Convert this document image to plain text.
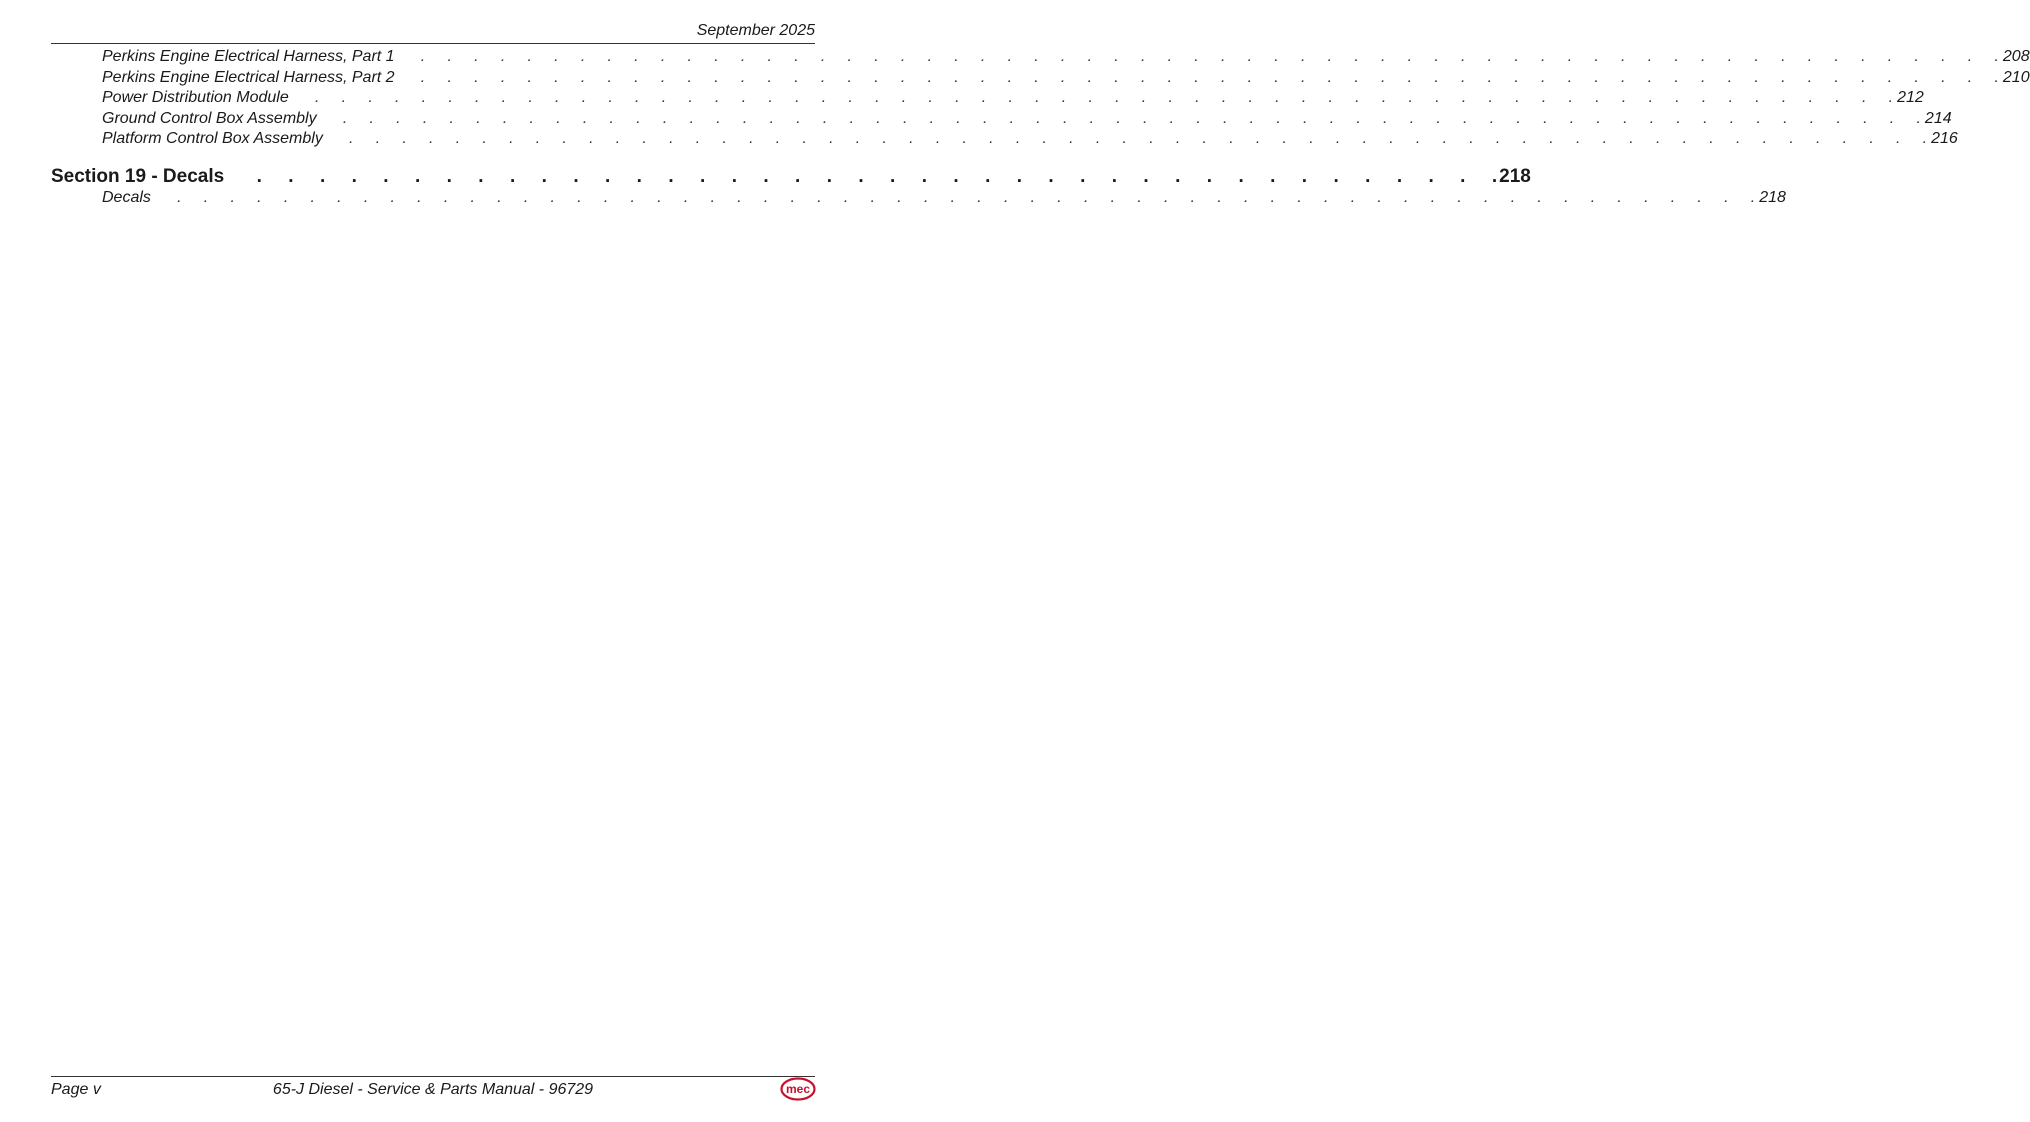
September 2025
Perkins Engine Electrical Harness, Part 1 .     .     .     .     .     .     .     .     .     .     .     .     .     .     .     .     .     .     .     .     .     .     .     .     .     .     .     .     .     .     .     .     .     .     .     .     .     .     .     .     .     .     .     .     .     .     .     .     .     .     .     .     .     .     .     .     .     .     .     . 208
Perkins Engine Electrical Harness, Part 2 .     .     .     .     .     .     .     .     .     .     .     .     .     .     .     .     .     .     .     .     .     .     .     .     .     .     .     .     .     .     .     .     .     .     .     .     .     .     .     .     .     .     .     .     .     .     .     .     .     .     .     .     .     .     .     .     .     .     .     . 210
Power Distribution Module .     .     .     .     .     .     .     .     .     .     .     .     .     .     .     .     .     .     .     .     .     .     .     .     .     .     .     .     .     .     .     .     .     .     .     .     .     .     .     .     .     .     .     .     .     .     .     .     .     .     .     .     .     .     .     .     .     .     .     . 212
Ground Control Box Assembly .     .     .     .     .     .     .     .     .     .     .     .     .     .     .     .     .     .     .     .     .     .     .     .     .     .     .     .     .     .     .     .     .     .     .     .     .     .     .     .     .     .     .     .     .     .     .     .     .     .     .     .     .     .     .     .     .     .     .     . 214
Platform Control Box Assembly .     .     .     .     .     .     .     .     .     .     .     .     .     .     .     .     .     .     .     .     .     .     .     .     .     .     .     .     .     .     .     .     .     .     .     .     .     .     .     .     .     .     .     .     .     .     .     .     .     .     .     .     .     .     .     .     .     .     .     . 216
Section 19 - Decals .     .     .     .     .     .     .     .     .     .     .     .     .     .     .     .     .     .     .     .     .     .     .     .     .     .     .     .     .     .     .     .     .     .     .     .     .     .     .     . 218
Decals .     .     .     .     .     .     .     .     .     .     .     .     .     .     .     .     .     .     .     .     .     .     .     .     .     .     .     .     .     .     .     .     .     .     .     .     .     .     .     .     .     .     .     .     .     .     .     .     .     .     .     .     .     .     .     .     .     .     .     . 218
Page v	65-J Diesel - Service & Parts Manual - 96729	mec
